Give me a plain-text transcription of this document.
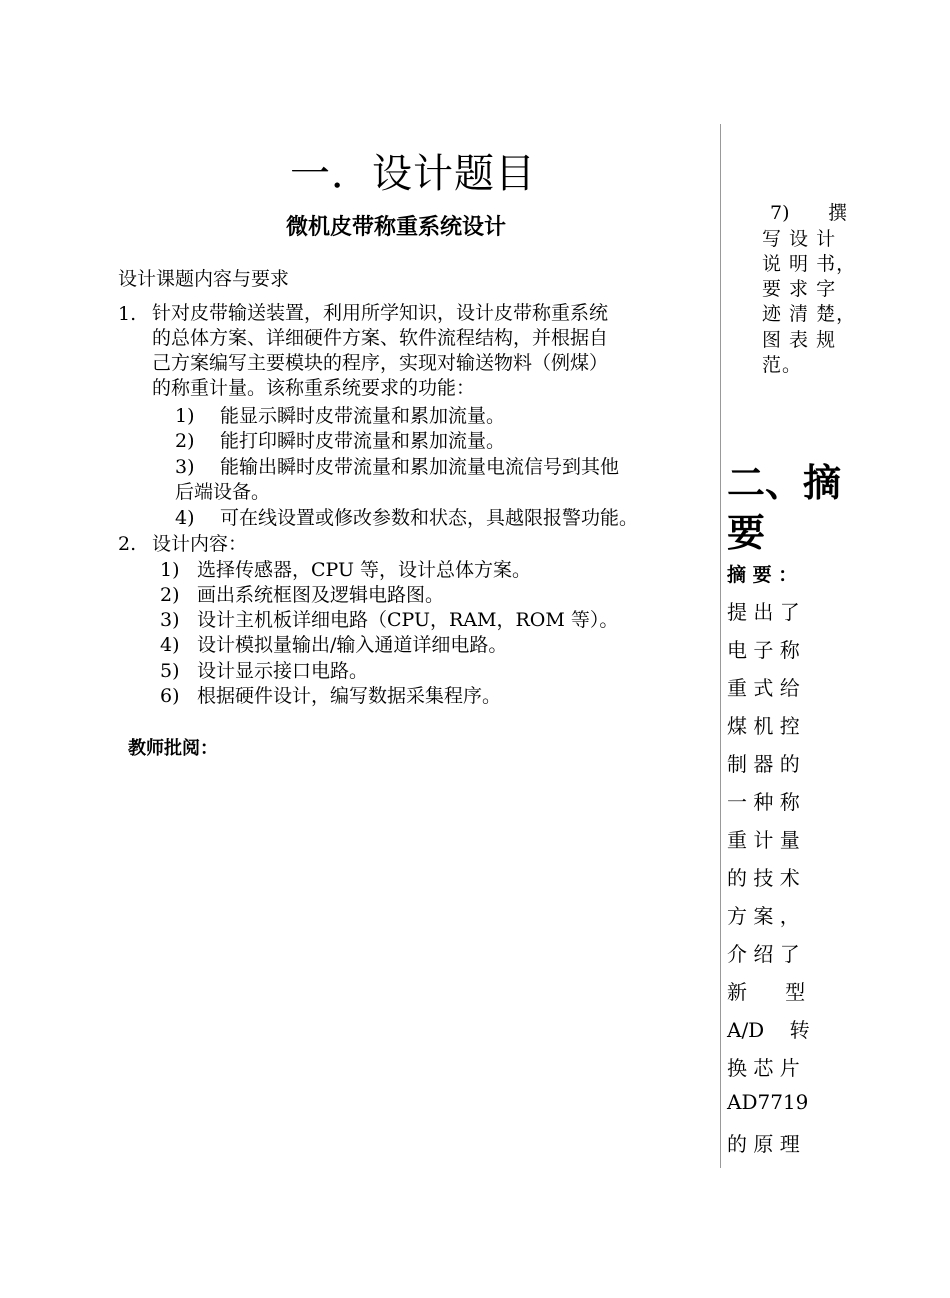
一．设计题目
微机皮带称重系统设计
设计课题内容与要求
1. 针对皮带输送装置，利用所学知识，设计皮带称重系统
的总体方案、详细硬件方案、软件流程结构，并根据自
己方案编写主要模块的程序，实现对输送物料（例煤）
的称重计量。该称重系统要求的功能：
1) 能显示瞬时皮带流量和累加流量。
2) 能打印瞬时皮带流量和累加流量。
3) 能输出瞬时皮带流量和累加流量电流信号到其他
后端设备。
4) 可在线设置或修改参数和状态，具越限报警功能。
2. 设计内容：
1) 选择传感器，CPU 等，设计总体方案。
2) 画出系统框图及逻辑电路图。
3) 设计主机板详细电路（CPU，RAM，ROM 等）。
4) 设计模拟量输出/输入通道详细电路。
5) 设计显示接口电路。
6) 根据硬件设计，编写数据采集程序。
教师批阅：
7) 撰
写 设 计
说 明 书，
要 求 字
迹 清 楚，
图 表 规
范。
二、摘要
摘 要 ：
提 出 了
电 子 称
重 式 给
煤 机 控
制 器 的
一 种 称
重 计 量
的 技 术
方 案 ，
介 绍 了
新      型
A/D    转
换 芯 片
AD7719
的 原 理
